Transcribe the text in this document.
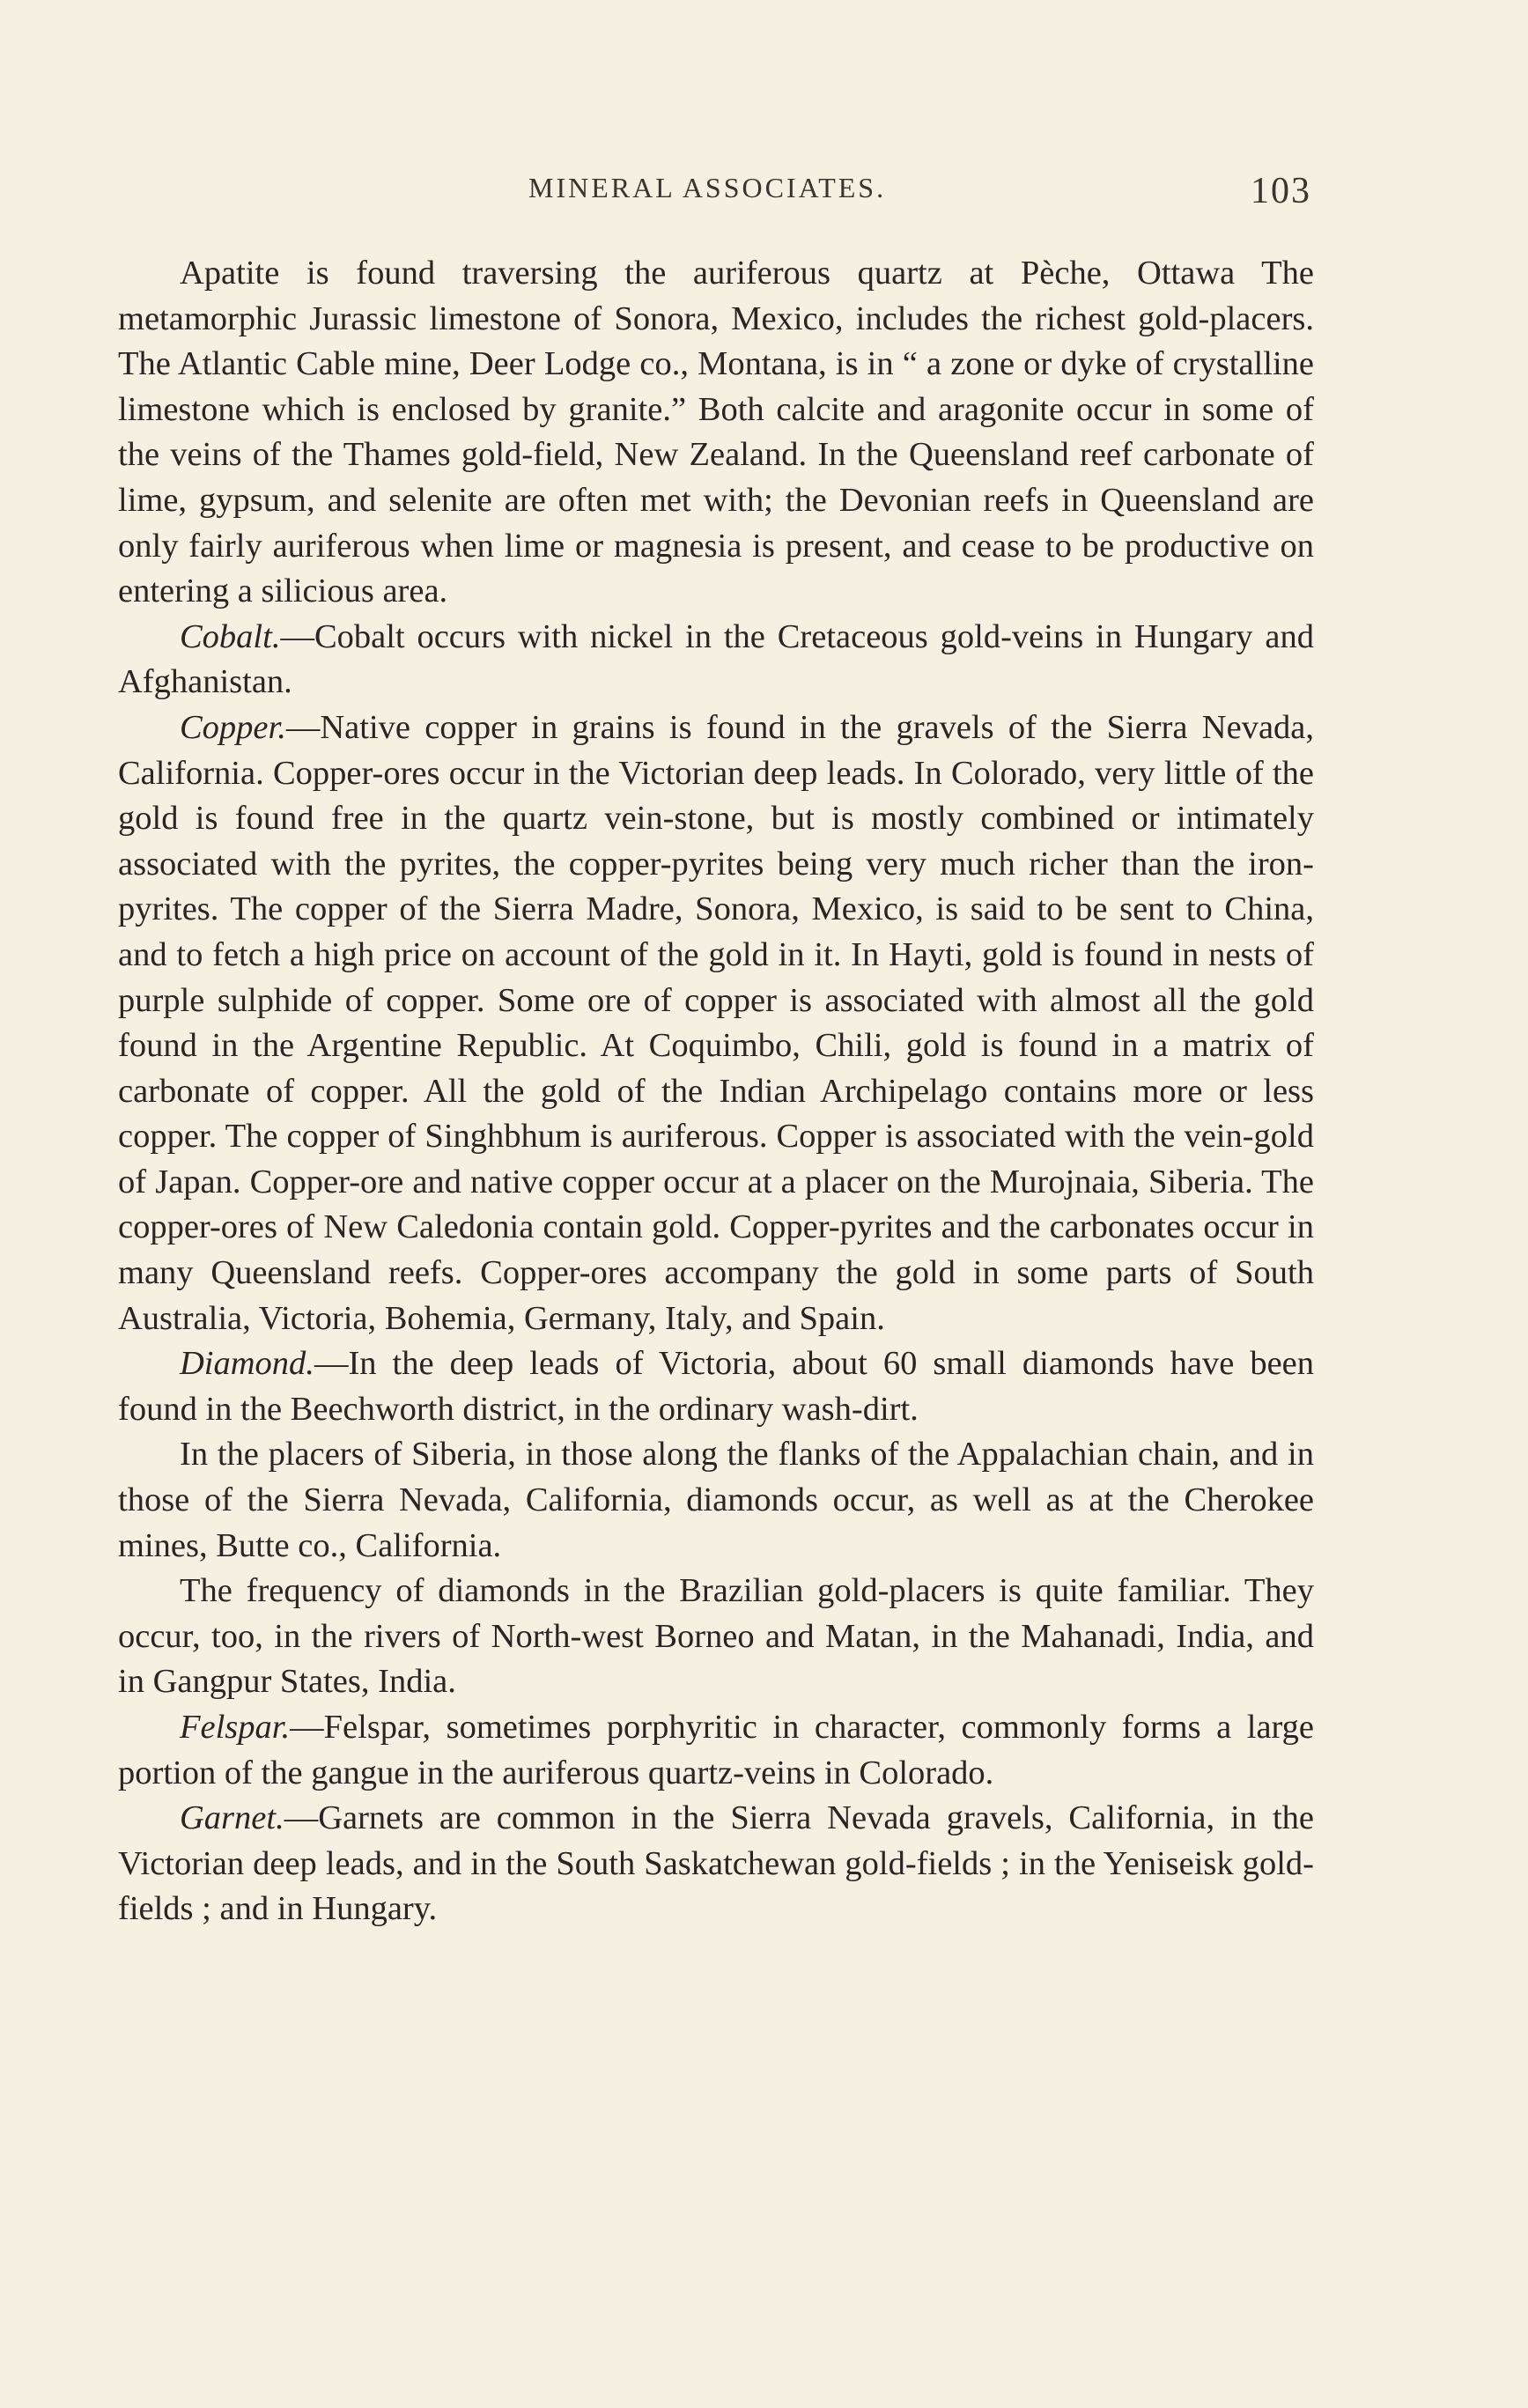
MINERAL ASSOCIATES.	103

Apatite is found traversing the auriferous quartz at Pèche, Ottawa The metamorphic Jurassic limestone of Sonora, Mexico, includes the richest gold-placers. The Atlantic Cable mine, Deer Lodge co., Montana, is in “ a zone or dyke of crystalline limestone which is enclosed by granite.” Both calcite and aragonite occur in some of the veins of the Thames gold-field, New Zealand. In the Queensland reef carbonate of lime, gypsum, and selenite are often met with; the Devonian reefs in Queensland are only fairly auriferous when lime or magnesia is present, and cease to be productive on entering a silicious area.

Cobalt.—Cobalt occurs with nickel in the Cretaceous gold-veins in Hungary and Afghanistan.

Copper.—Native copper in grains is found in the gravels of the Sierra Nevada, California. Copper-ores occur in the Victorian deep leads. In Colorado, very little of the gold is found free in the quartz vein-stone, but is mostly combined or intimately associated with the pyrites, the copper-pyrites being very much richer than the iron-pyrites. The copper of the Sierra Madre, Sonora, Mexico, is said to be sent to China, and to fetch a high price on account of the gold in it. In Hayti, gold is found in nests of purple sulphide of copper. Some ore of copper is associated with almost all the gold found in the Argentine Republic. At Coquimbo, Chili, gold is found in a matrix of carbonate of copper. All the gold of the Indian Archipelago contains more or less copper. The copper of Singhbhum is auriferous. Copper is associated with the vein-gold of Japan. Copper-ore and native copper occur at a placer on the Murojnaia, Siberia. The copper-ores of New Caledonia contain gold. Copper-pyrites and the carbonates occur in many Queensland reefs. Copper-ores accompany the gold in some parts of South Australia, Victoria, Bohemia, Germany, Italy, and Spain.

Diamond.—In the deep leads of Victoria, about 60 small diamonds have been found in the Beechworth district, in the ordinary wash-dirt.

In the placers of Siberia, in those along the flanks of the Appalachian chain, and in those of the Sierra Nevada, California, diamonds occur, as well as at the Cherokee mines, Butte co., California.

The frequency of diamonds in the Brazilian gold-placers is quite familiar. They occur, too, in the rivers of North-west Borneo and Matan, in the Mahanadi, India, and in Gangpur States, India.

Felspar.—Felspar, sometimes porphyritic in character, commonly forms a large portion of the gangue in the auriferous quartz-veins in Colorado.

Garnet.—Garnets are common in the Sierra Nevada gravels, California, in the Victorian deep leads, and in the South Saskatchewan gold-fields ; in the Yeniseisk gold-fields ; and in Hungary.
